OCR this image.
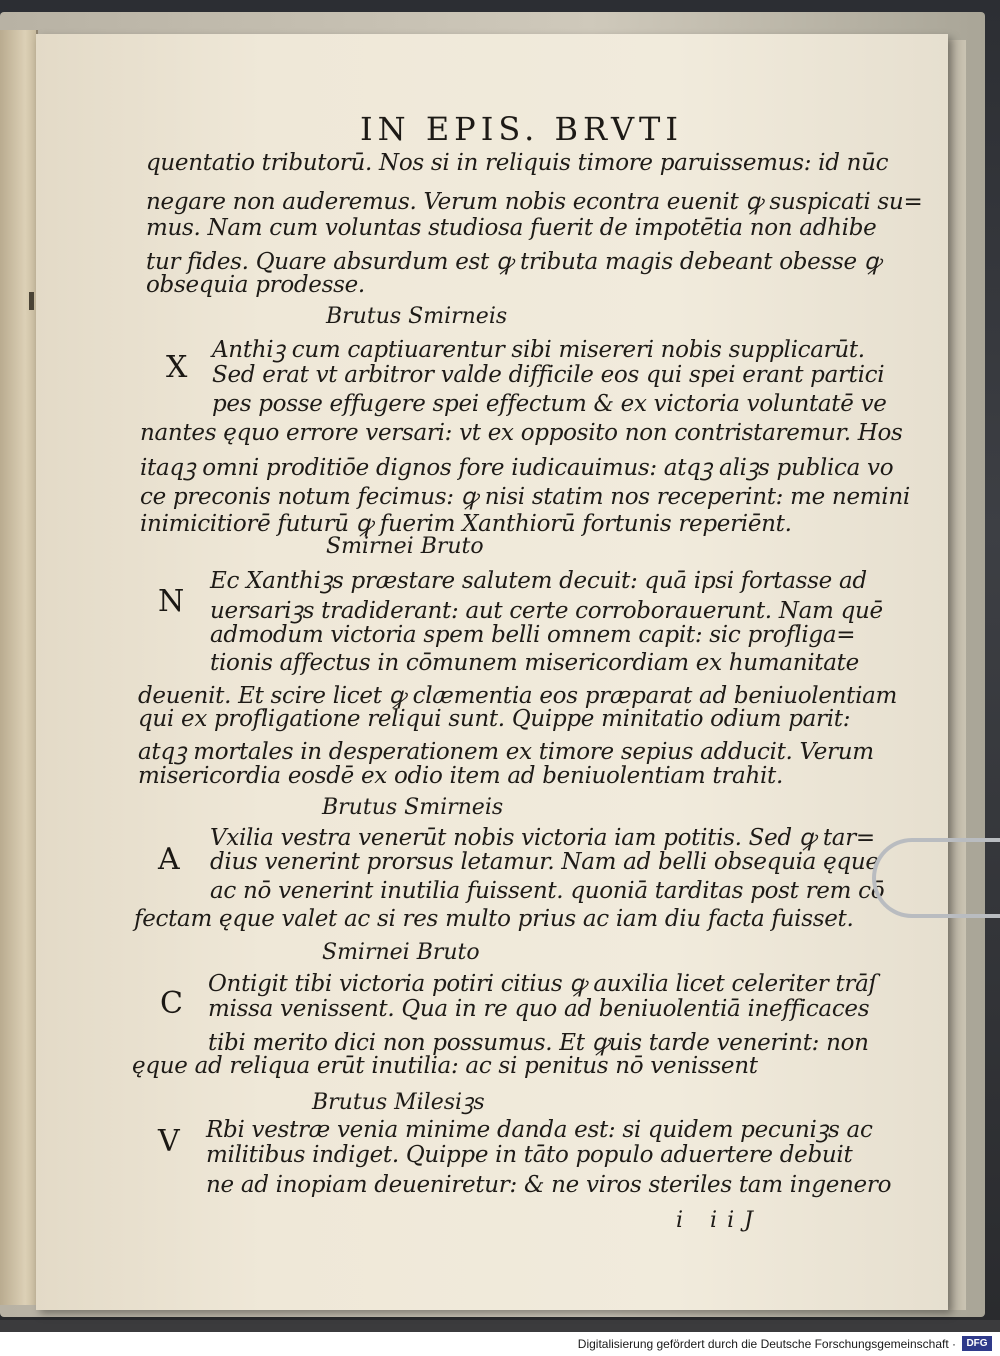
IN EPIS. BRVTI
quentatio tributorū. Nos si in reliquis timore paruissemus: id nūc
negare non auderemus. Verum nobis econtra euenit ꝙ suspicati su=
mus. Nam cum voluntas studiosa fuerit de impotētia non adhibe
tur fides. Quare absurdum est ꝙ tributa magis debeant obesse ꝙ
obsequia prodesse.
Brutus Smirneis
X Anthiꝫ cum captiuarentur sibi misereri nobis supplicarūt.
Sed erat vt arbitror valde difficile eos qui spei erant partici
pes posse effugere spei effectum & ex victoria voluntatē ve
nantes ęquo errore versari: vt ex opposito non contristaremur. Hos
itaqꝫ omni proditiōe dignos fore iudicauimus: atqꝫ aliꝫs publica vo
ce preconis notum fecimus: ꝙ nisi statim nos receperint: me nemini
inimicitiorē futurū ꝙ fuerim Xanthiorū fortunis reperiēnt.
Smirnei Bruto
N
Ec Xanthiꝫs præstare salutem decuit: quā ipsi fortasse ad
uersariꝫs tradiderant: aut certe corroborauerunt. Nam quē
admodum victoria spem belli omnem capit: sic profliga=
tionis affectus in cōmunem misericordiam ex humanitate
deuenit. Et scire licet ꝙ clæmentia eos præparat ad beniuolentiam
qui ex profligatione reliqui sunt. Quippe minitatio odium parit:
atqꝫ mortales in desperationem ex timore sepius adducit. Verum
misericordia eosdē ex odio item ad beniuolentiam trahit.
Brutus Smirneis
A
Vxilia vestra venerūt nobis victoria iam potitis. Sed ꝙ tar=
dius venerint prorsus letamur. Nam ad belli obsequia ęque
ac nō venerint inutilia fuissent. quoniā tarditas post rem cō
fectam ęque valet ac si res multo prius ac iam diu facta fuisset.
Smirnei Bruto
C
Ontigit tibi victoria potiri citius ꝙ auxilia licet celeriter trāſ
missa venissent. Qua in re quo ad beniuolentiā inefficaces
tibi merito dici non possumus. Et ꝙuis tarde venerint: non
ęque ad reliqua erūt inutilia: ac si penitus nō venissent
Brutus Milesiꝫs
V Rbi vestræ venia minime danda est: si quidem pecuniꝫs ac
militibus indiget. Quippe in tāto populo aduertere debuit
ne ad inopiam deueniretur: & ne viros steriles tam ingenero
i iiJ
Digitalisierung gefördert durch die Deutsche Forschungsgemeinschaft ·	DFG
